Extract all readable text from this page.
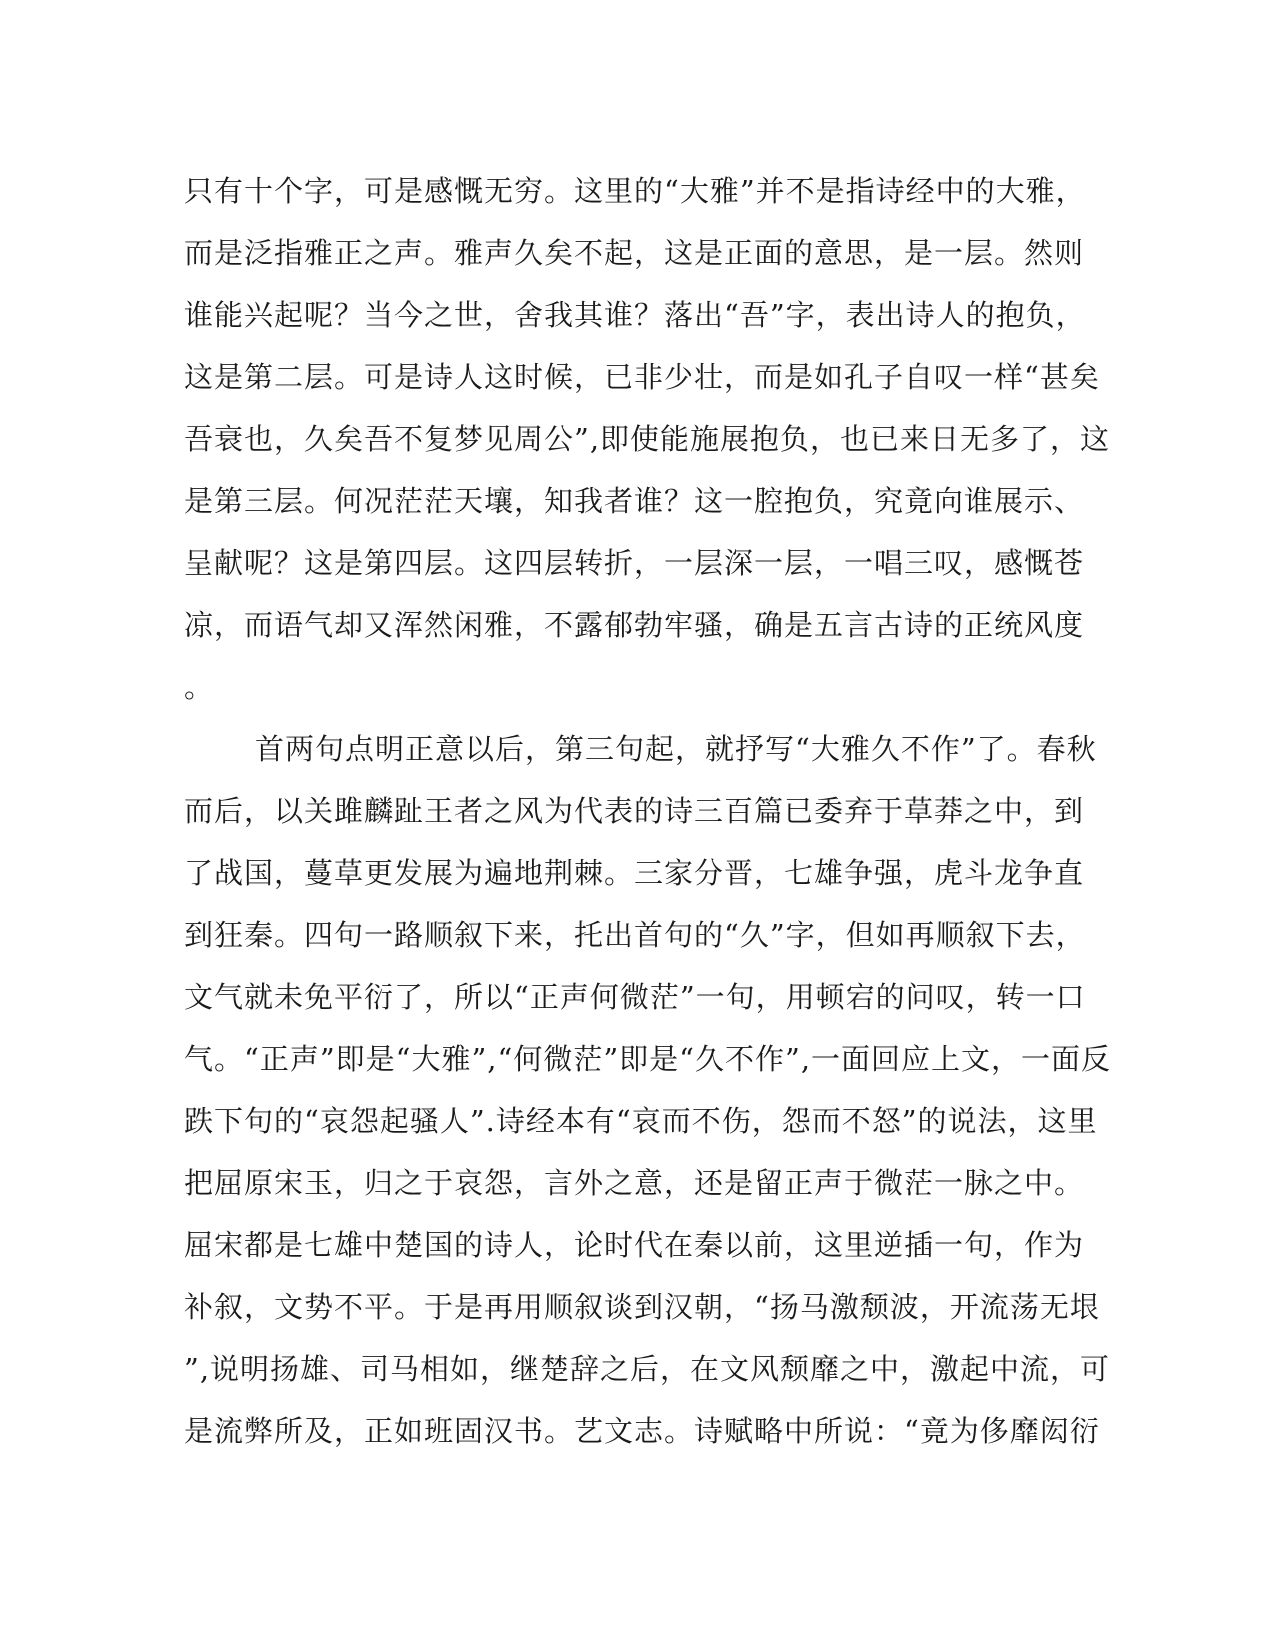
只有十个字，可是感慨无穷。这里的“大雅”并不是指诗经中的大雅，
而是泛指雅正之声。雅声久矣不起，这是正面的意思，是一层。然则
谁能兴起呢？当今之世，舍我其谁？落出“吾”字，表出诗人的抱负，
这是第二层。可是诗人这时候，已非少壮，而是如孔子自叹一样“甚矣
吾衰也，久矣吾不复梦见周公”,即使能施展抱负，也已来日无多了，这
是第三层。何况茫茫天壤，知我者谁？这一腔抱负，究竟向谁展示、
呈献呢？这是第四层。这四层转折，一层深一层，一唱三叹，感慨苍
凉，而语气却又浑然闲雅，不露郁勃牢骚，确是五言古诗的正统风度
。
首两句点明正意以后，第三句起，就抒写“大雅久不作”了。春秋
而后，以关雎麟趾王者之风为代表的诗三百篇已委弃于草莽之中，到
了战国，蔓草更发展为遍地荆棘。三家分晋，七雄争强，虎斗龙争直
到狂秦。四句一路顺叙下来，托出首句的“久”字，但如再顺叙下去，
文气就未免平衍了，所以“正声何微茫”一句，用顿宕的问叹，转一口
气。“正声”即是“大雅”,“何微茫”即是“久不作”,一面回应上文，一面反
跌下句的“哀怨起骚人”.诗经本有“哀而不伤，怨而不怒”的说法，这里
把屈原宋玉，归之于哀怨，言外之意，还是留正声于微茫一脉之中。
屈宋都是七雄中楚国的诗人，论时代在秦以前，这里逆插一句，作为
补叙，文势不平。于是再用顺叙谈到汉朝，“扬马激颓波，开流荡无垠
”,说明扬雄、司马相如，继楚辞之后，在文风颓靡之中，激起中流，可
是流弊所及，正如班固汉书。艺文志。诗赋略中所说：“竟为侈靡闳衍
